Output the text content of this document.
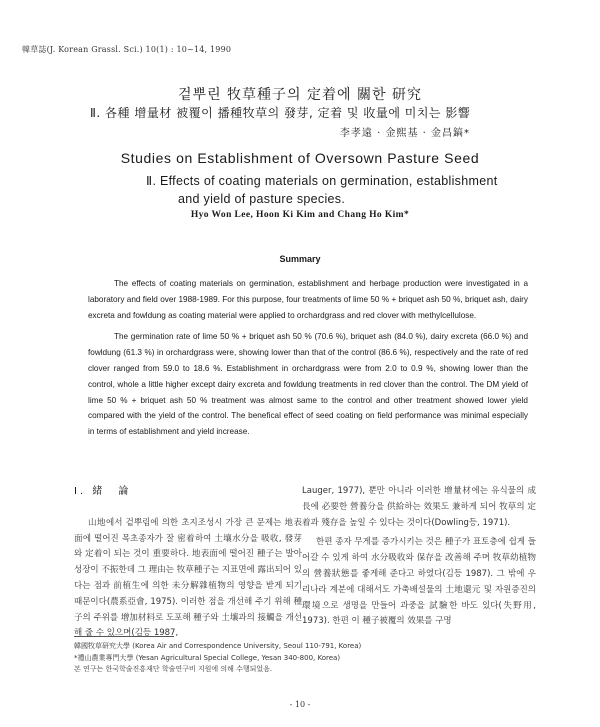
韓草誌(J. Korean Grassl. Sci.) 10(1) : 10~14, 1990
겉뿌린 牧草種子의 定着에 關한 研究
Ⅱ. 各種 增量材 被覆이 播種牧草의 發芽, 定着 및 收量에 미치는 影響
李孝遠 · 金熙基 · 金昌鎬*
Studies on Establishment of Oversown Pasture Seed
Ⅱ. Effects of coating materials on germination, establishment
and yield of pasture species.
Hyo Won Lee, Hoon Ki Kim and Chang Ho Kim*
Summary

The effects of coating materials on germination, establishment and herbage production were investigated in a laboratory and field over 1988-1989. For this purpose, four treatments of lime 50 % + briquet ash 50 %, briquet ash, dairy excreta and fowldung as coating material were applied to orchardgrass and red clover with methylcellulose.

The germination rate of lime 50 % + briquet ash 50 % (70.6 %), briquet ash (84.0 %), dairy excreta (66.0 %) and fowldung (61.3 %) in orchardgrass were, showing lower than that of the control (86.6 %), respectively and the rate of red clover ranged from 59.0 to 18.6 %. Establishment in orchardgrass were from 2.0 to 0.9 %, showing lower than the control, whole a little higher except dairy excreta and fowldung treatments in red clover than the control. The DM yield of lime 50 % + briquet ash 50 % treatment was almost same to the control and other treatment showed lower yield compared with the yield of the control. The benefical effect of seed coating on field performance was minimal especially in terms of establishment and yield increase.

Ⅰ. 緒　論

山地에서 겉뿌림에 의한 초지조성시 가장 큰 문제는 地表面에 떨어진 목초종자가 잘 密着하여 土壤水分을 吸收, 發芽와 定着이 되는 것이 重要하다. 地表面에 떨어진 種子는 발아성장이 不振한데 그 理由는 牧草種子는 지표면에 露出되어 있다는 점과 前植生에 의한 未分解雜植物의 영향을 받게 되기 때문이다(農系亞會, 1975). 이러한 점을 개선해 주기 위해 種子의 주위를 增加材料로 도포해 種子와 土壤과의 接觸을 개선해 줄 수 있으며(김등 1987,

Lauger, 1977), 뿐만 아니라 이러한 增量材에는 유식물의 成長에 必要한 營養分을 供給하는 效果도 兼하게 되어 牧草의 定着과 殘存을 높일 수 있다는 것이다(Dowling등, 1971).

한편 종자 무게를 증가시키는 것은 種子가 표토층에 쉽게 들어갈 수 있게 하여 水分吸收와 保存을 改善해 주며 牧草幼植物의 營養狀態를 좋게해 준다고 하였다(김등 1987). 그 밖에 우리나라 계분에 대해서도 가축배설물의 土地還元 및 자원증진의 環境으로 생명을 만들어 과중을 試驗한 바도 있다(失野用, 1973). 한편 이 種子被覆의 效果를 구명

韓國牧草研究大學 (Korea Air and Correspondence University, Seoul 110-791, Korea)
*禮山農業專門大學 (Yesan Agricultural Special College, Yesan 340-800, Korea)
본 연구는 한국학술진흥재단 학술연구비 지원에 의해 수행되었음.
- 10 -
